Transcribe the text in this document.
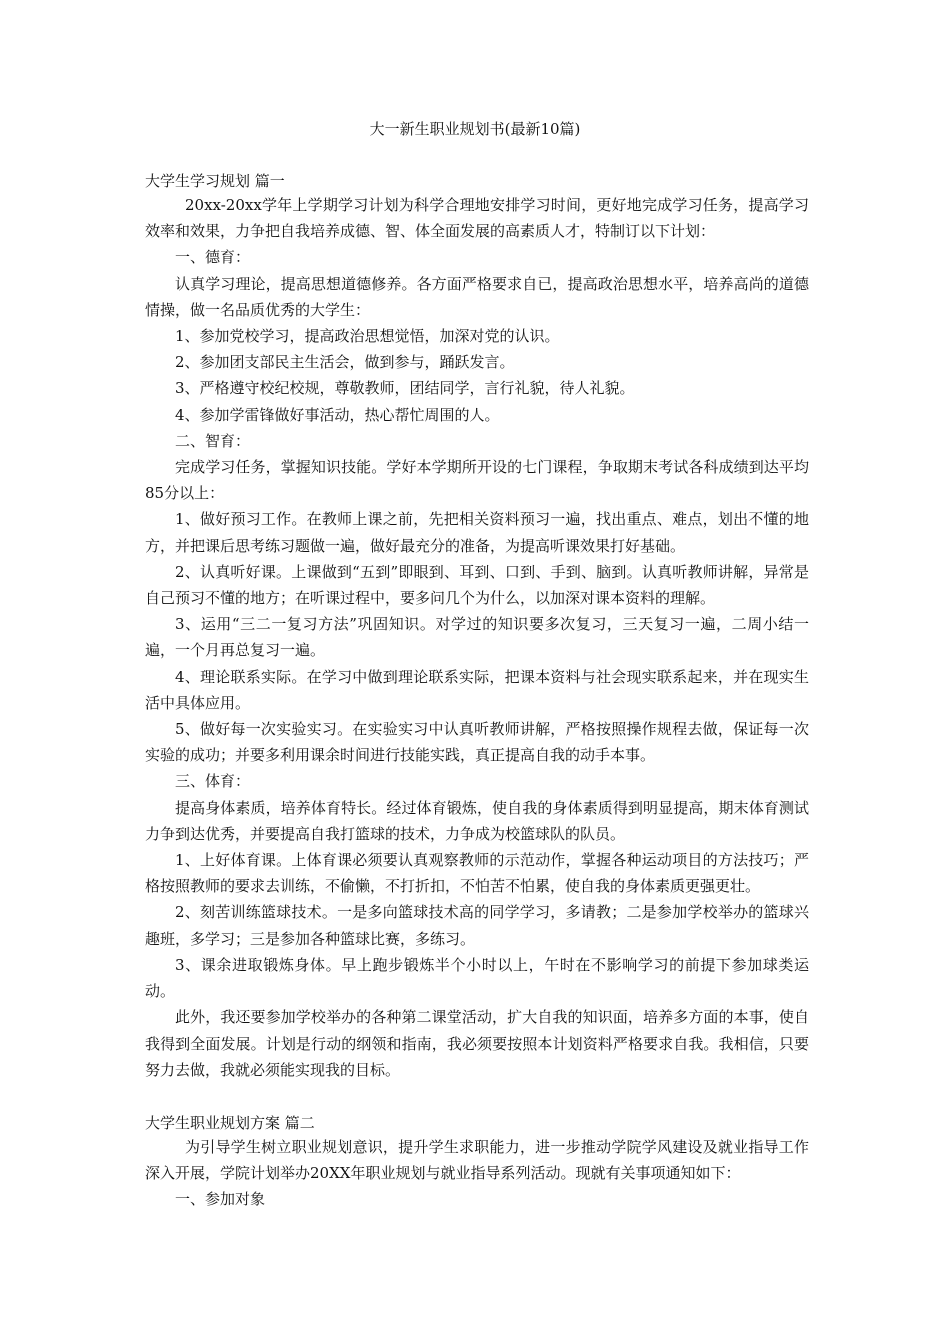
大一新生职业规划书(最新10篇)
大学生学习规划 篇一

20xx-20xx学年上学期学习计划为科学合理地安排学习时间，更好地完成学习任务，提高学习效率和效果，力争把自我培养成德、智、体全面发展的高素质人才，特制订以下计划：

一、德育：

认真学习理论，提高思想道德修养。各方面严格要求自已，提高政治思想水平，培养高尚的道德情操，做一名品质优秀的大学生：

1、参加党校学习，提高政治思想觉悟，加深对党的认识。

2、参加团支部民主生活会，做到参与，踊跃发言。

3、严格遵守校纪校规，尊敬教师，团结同学，言行礼貌，待人礼貌。

4、参加学雷锋做好事活动，热心帮忙周围的人。

二、智育：

完成学习任务，掌握知识技能。学好本学期所开设的七门课程，争取期末考试各科成绩到达平均85分以上：

1、做好预习工作。在教师上课之前，先把相关资料预习一遍，找出重点、难点，划出不懂的地方，并把课后思考练习题做一遍，做好最充分的准备，为提高听课效果打好基础。

2、认真听好课。上课做到“五到”即眼到、耳到、口到、手到、脑到。认真听教师讲解，异常是自己预习不懂的地方；在听课过程中，要多问几个为什么，以加深对课本资料的理解。

3、运用“三二一复习方法”巩固知识。对学过的知识要多次复习，三天复习一遍，二周小结一遍，一个月再总复习一遍。

4、理论联系实际。在学习中做到理论联系实际，把课本资料与社会现实联系起来，并在现实生活中具体应用。

5、做好每一次实验实习。在实验实习中认真听教师讲解，严格按照操作规程去做，保证每一次实验的成功；并要多利用课余时间进行技能实践，真正提高自我的动手本事。

三、体育：

提高身体素质，培养体育特长。经过体育锻炼，使自我的身体素质得到明显提高，期末体育测试力争到达优秀，并要提高自我打篮球的技术，力争成为校篮球队的队员。

1、上好体育课。上体育课必须要认真观察教师的示范动作，掌握各种运动项目的方法技巧；严格按照教师的要求去训练，不偷懒，不打折扣，不怕苦不怕累，使自我的身体素质更强更壮。

2、刻苦训练篮球技术。一是多向篮球技术高的同学学习，多请教；二是参加学校举办的篮球兴趣班，多学习；三是参加各种篮球比赛，多练习。

3、课余进取锻炼身体。早上跑步锻炼半个小时以上，午时在不影响学习的前提下参加球类运动。

此外，我还要参加学校举办的各种第二课堂活动，扩大自我的知识面，培养多方面的本事，使自我得到全面发展。计划是行动的纲领和指南，我必须要按照本计划资料严格要求自我。我相信，只要努力去做，我就必须能实现我的目标。

大学生职业规划方案 篇二

为引导学生树立职业规划意识，提升学生求职能力，进一步推动学院学风建设及就业指导工作深入开展，学院计划举办20XX年职业规划与就业指导系列活动。现就有关事项通知如下：

一、参加对象
